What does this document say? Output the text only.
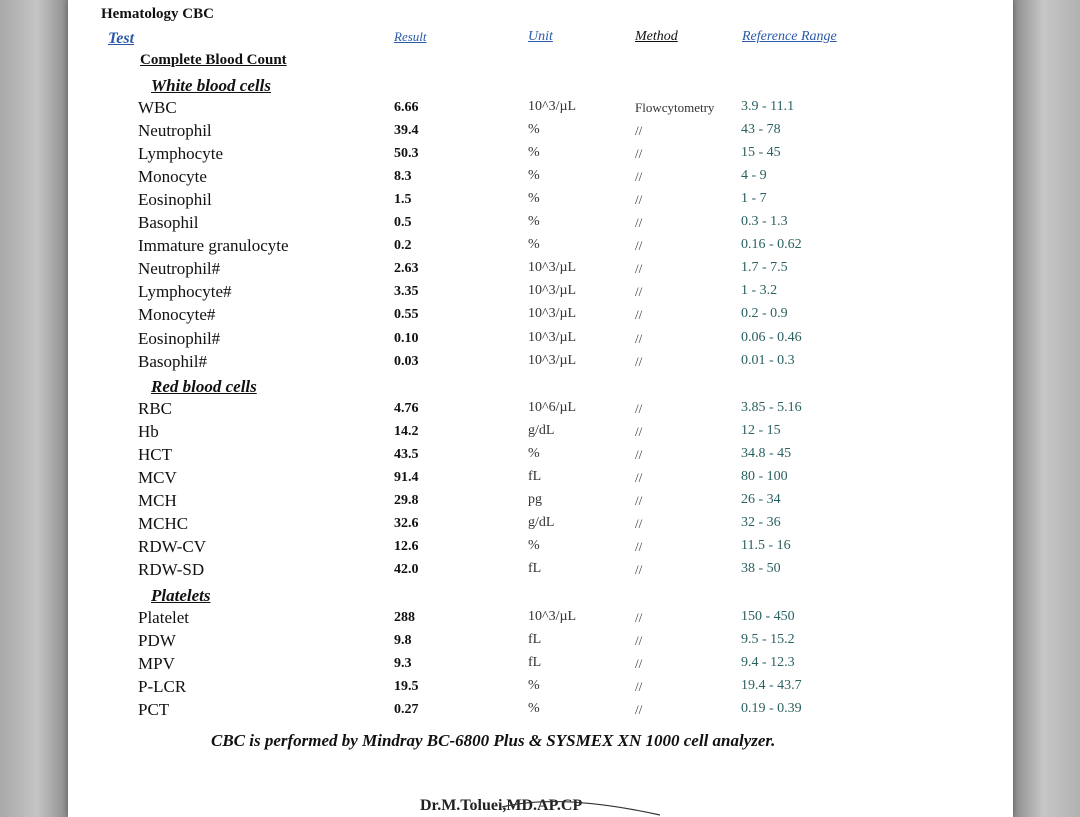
Hematology CBC
Test	Result	Unit	Method	Reference Range
Complete Blood Count
White blood cells
WBC	6.66	10^3/µL	Flowcytometry 3.9 - 11.1
Neutrophil	39.4	%	//	43 - 78
Lymphocyte	50.3	%	//	15 - 45
Monocyte	8.3	%	//	4 - 9
Eosinophil	1.5	%	//	1 - 7
Basophil	0.5	%	//	0.3 - 1.3
Immature granulocyte	0.2	%	//	0.16 - 0.62
Neutrophil#	2.63	10^3/µL	//	1.7 - 7.5
Lymphocyte#	3.35	10^3/µL	//	1 - 3.2
Monocyte#	0.55	10^3/µL	//	0.2 - 0.9
Eosinophil#	0.10	10^3/µL	//	0.06 - 0.46
Basophil#	0.03	10^3/µL	//	0.01 - 0.3
Red blood cells
RBC	4.76	10^6/µL	//	3.85 - 5.16
Hb	14.2	g/dL	//	12 - 15
HCT	43.5	%	//	34.8 - 45
MCV	91.4	fL	//	80 - 100
MCH	29.8	pg	//	26 - 34
MCHC	32.6	g/dL	//	32 - 36
RDW-CV	12.6	%	//	11.5 - 16
RDW-SD	42.0	fL	//	38 - 50
Platelets
Platelet	288	10^3/µL	//	150 - 450
PDW	9.8	fL	//	9.5 - 15.2
MPV	9.3	fL	//	9.4 - 12.3
P-LCR	19.5	%	//	19.4 - 43.7
PCT	0.27	%	//	0.19 - 0.39
CBC is performed by Mindray BC-6800 Plus & SYSMEX XN 1000 cell analyzer.
Dr.M.Toluei,MD.AP.CP
